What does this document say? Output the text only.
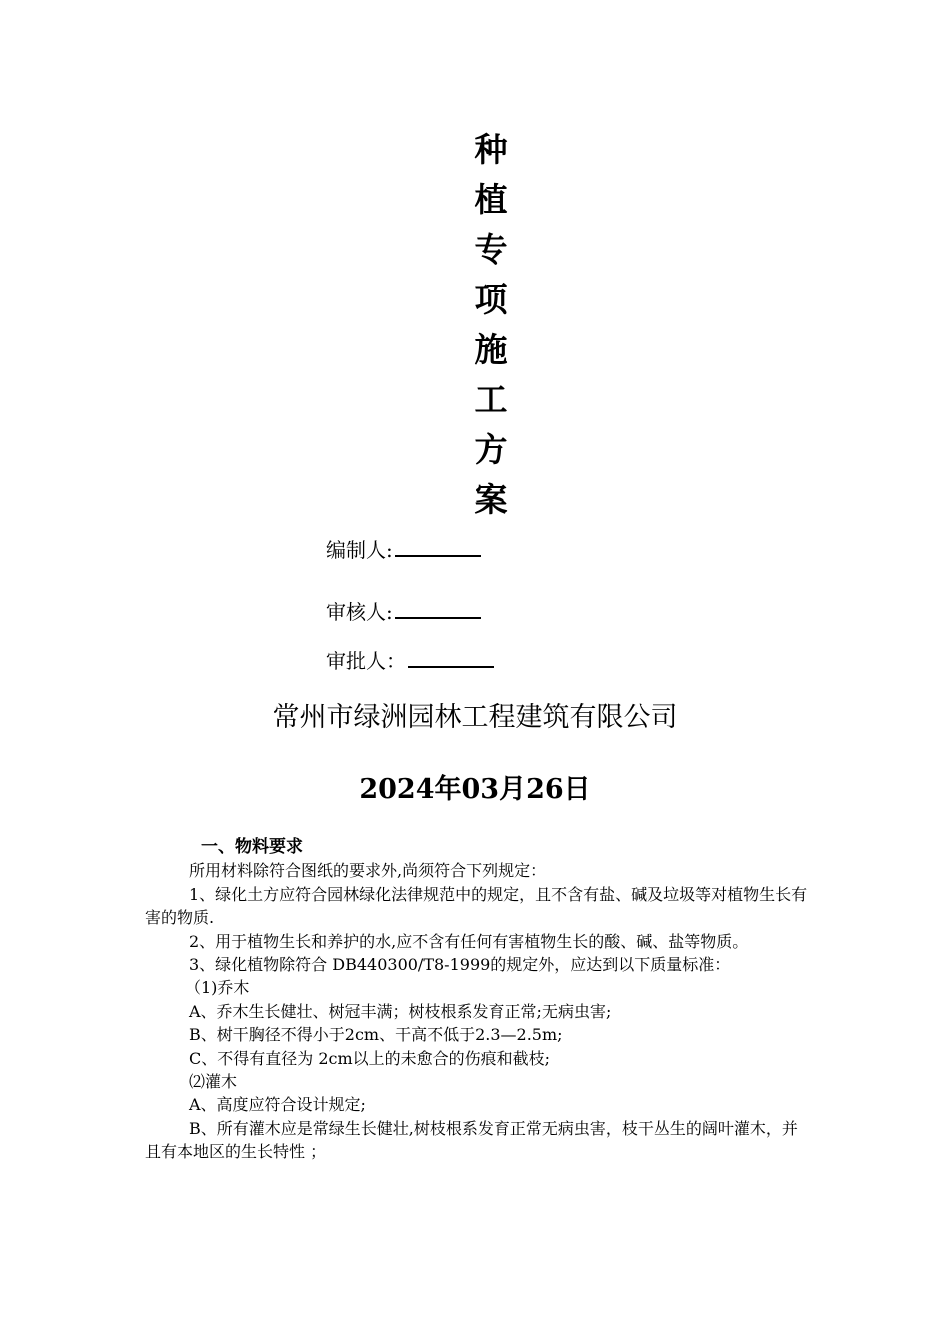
种
植
专
项
施
工
方
案
编制人:
审核人:
审批人：
常州市绿洲园林工程建筑有限公司
2024年03月26日

一、物料要求

所用材料除符合图纸的要求外,尚须符合下列规定：

1、绿化土方应符合园林绿化法律规范中的规定，且不含有盐、碱及垃圾等对植物生长有害的物质.

2、用于植物生长和养护的水,应不含有任何有害植物生长的酸、碱、盐等物质。

3、绿化植物除符合 DB440300/T8-1999的规定外，应达到以下质量标准：

（1)乔木

A、乔木生长健壮、树冠丰满；树枝根系发育正常;无病虫害;

B、树干胸径不得小于2cm、干高不低于2.3—2.5m;

C、不得有直径为 2cm以上的未愈合的伤痕和截枝;

⑵灌木

A、高度应符合设计规定;

B、所有灌木应是常绿生长健壮,树枝根系发育正常无病虫害，枝干丛生的阔叶灌木，并且有本地区的生长特性 ；
